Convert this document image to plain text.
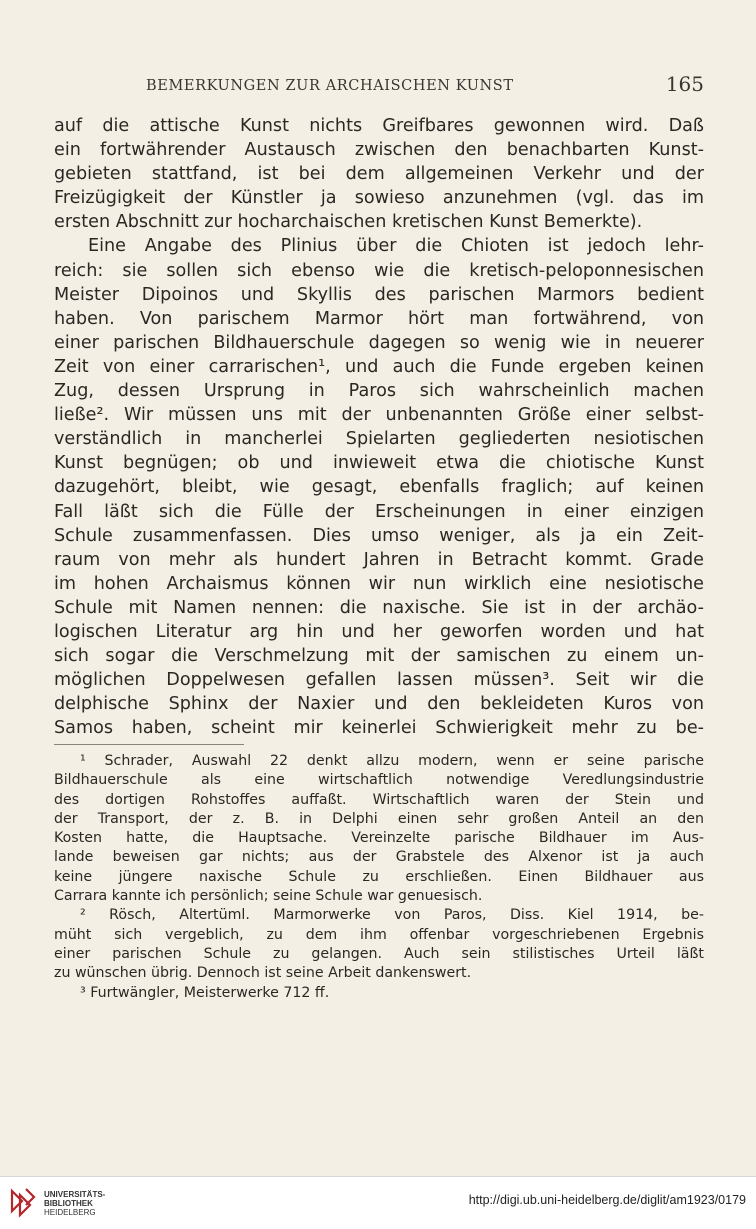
BEMERKUNGEN ZUR ARCHAISCHEN KUNST	165
auf die attische Kunst nichts Greifbares gewonnen wird. Daß
ein fortwährender Austausch zwischen den benachbarten Kunst-
gebieten stattfand, ist bei dem allgemeinen Verkehr und der
Freizügigkeit der Künstler ja sowieso anzunehmen (vgl. das im
ersten Abschnitt zur hocharchaischen kretischen Kunst Bemerkte).
Eine Angabe des Plinius über die Chioten ist jedoch lehr-
reich: sie sollen sich ebenso wie die kretisch-peloponnesischen
Meister Dipoinos und Skyllis des parischen Marmors bedient
haben. Von parischem Marmor hört man fortwährend, von
einer parischen Bildhauerschule dagegen so wenig wie in neuerer
Zeit von einer carrarischen¹, und auch die Funde ergeben keinen
Zug, dessen Ursprung in Paros sich wahrscheinlich machen
ließe². Wir müssen uns mit der unbenannten Größe einer selbst-
verständlich in mancherlei Spielarten gegliederten nesiotischen
Kunst begnügen; ob und inwieweit etwa die chiotische Kunst
dazugehört, bleibt, wie gesagt, ebenfalls fraglich; auf keinen
Fall läßt sich die Fülle der Erscheinungen in einer einzigen
Schule zusammenfassen. Dies umso weniger, als ja ein Zeit-
raum von mehr als hundert Jahren in Betracht kommt. Grade
im hohen Archaismus können wir nun wirklich eine nesiotische
Schule mit Namen nennen: die naxische. Sie ist in der archäo-
logischen Literatur arg hin und her geworfen worden und hat
sich sogar die Verschmelzung mit der samischen zu einem un-
möglichen Doppelwesen gefallen lassen müssen³. Seit wir die
delphische Sphinx der Naxier und den bekleideten Kuros von
Samos haben, scheint mir keinerlei Schwierigkeit mehr zu be-
¹ Schrader, Auswahl 22 denkt allzu modern, wenn er seine parische
Bildhauerschule als eine wirtschaftlich notwendige Veredlungsindustrie
des dortigen Rohstoffes auffaßt. Wirtschaftlich waren der Stein und
der Transport, der z. B. in Delphi einen sehr großen Anteil an den
Kosten hatte, die Hauptsache. Vereinzelte parische Bildhauer im Aus-
lande beweisen gar nichts; aus der Grabstele des Alxenor ist ja auch
keine jüngere naxische Schule zu erschließen. Einen Bildhauer aus
Carrara kannte ich persönlich; seine Schule war genuesisch.
² Rösch, Altertüml. Marmorwerke von Paros, Diss. Kiel 1914, be-
müht sich vergeblich, zu dem ihm offenbar vorgeschriebenen Ergebnis
einer parischen Schule zu gelangen. Auch sein stilistisches Urteil läßt
zu wünschen übrig. Dennoch ist seine Arbeit dankenswert.
³ Furtwängler, Meisterwerke 712 ff.
UNIVERSITÄTS-
BIBLIOTHEK
HEIDELBERG
http://digi.ub.uni-heidelberg.de/diglit/am1923/0179
